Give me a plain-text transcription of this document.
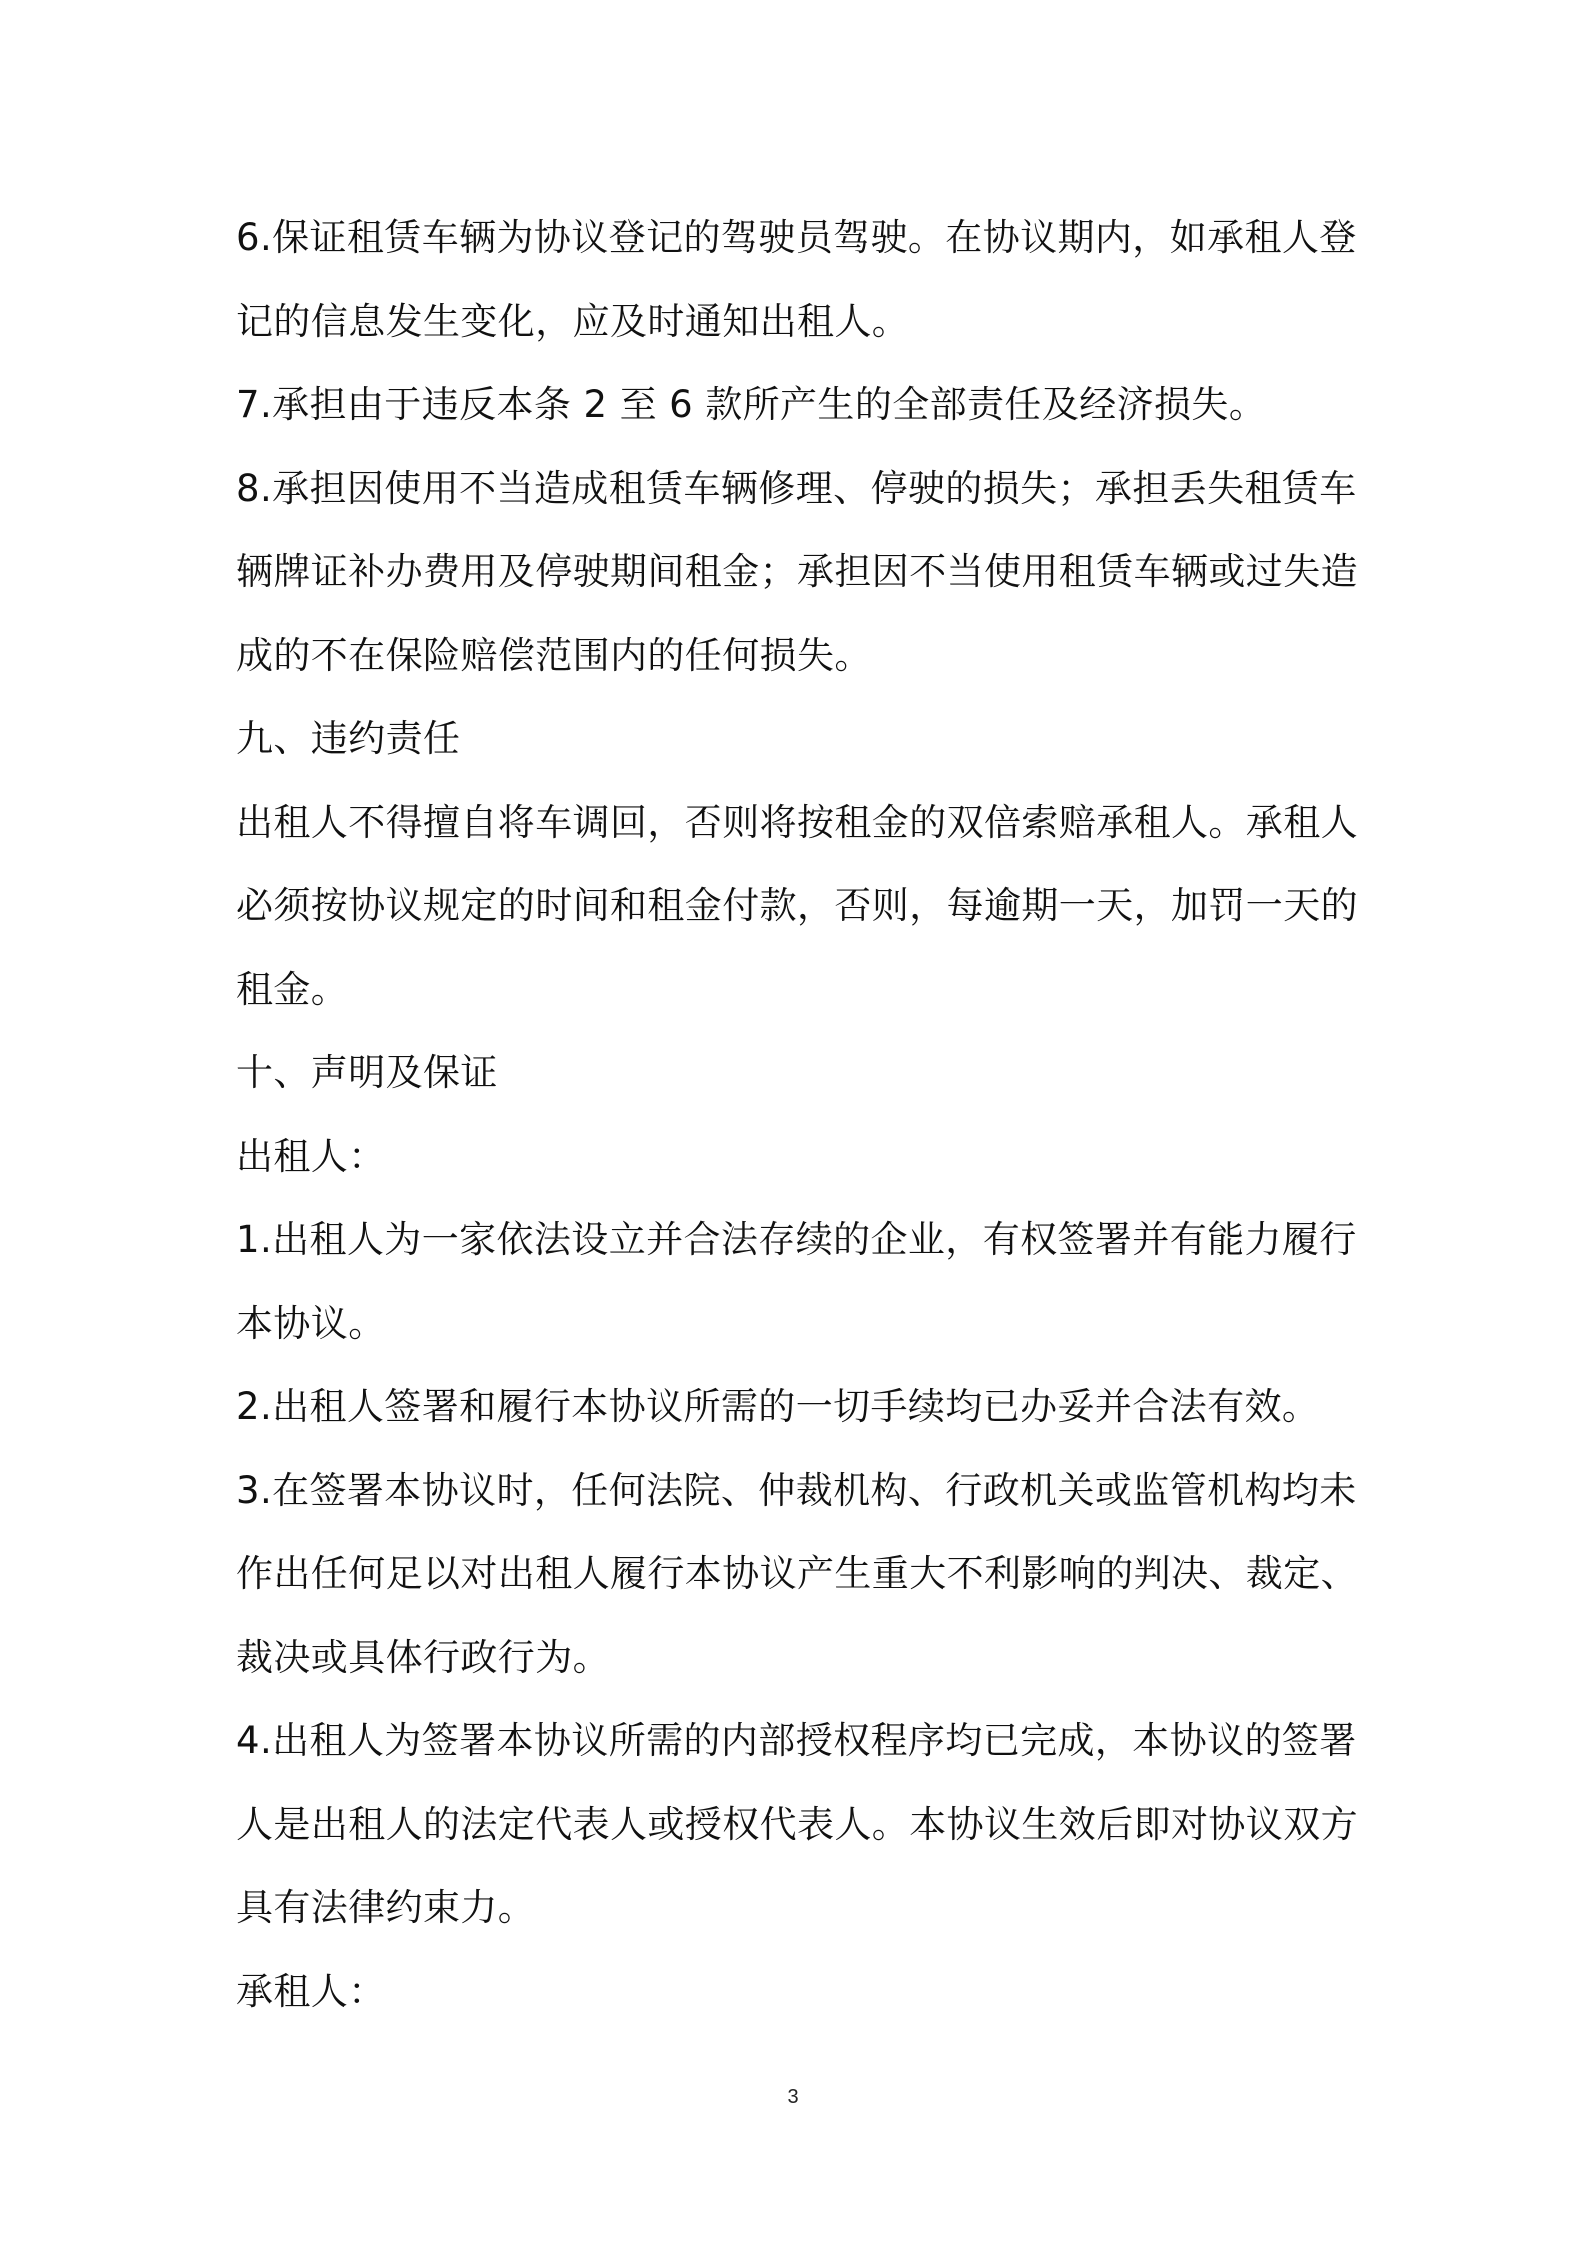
6.保证租赁车辆为协议登记的驾驶员驾驶。在协议期内，如承租人登
记的信息发生变化，应及时通知出租人。
7.承担由于违反本条 2 至 6 款所产生的全部责任及经济损失。
8.承担因使用不当造成租赁车辆修理、停驶的损失；承担丢失租赁车
辆牌证补办费用及停驶期间租金；承担因不当使用租赁车辆或过失造
成的不在保险赔偿范围内的任何损失。
九、违约责任
出租人不得擅自将车调回，否则将按租金的双倍索赔承租人。承租人
必须按协议规定的时间和租金付款，否则，每逾期一天，加罚一天的
租金。
十、声明及保证
出租人：
1.出租人为一家依法设立并合法存续的企业，有权签署并有能力履行
本协议。
2.出租人签署和履行本协议所需的一切手续均已办妥并合法有效。
3.在签署本协议时，任何法院、仲裁机构、行政机关或监管机构均未
作出任何足以对出租人履行本协议产生重大不利影响的判决、裁定、
裁决或具体行政行为。
4.出租人为签署本协议所需的内部授权程序均已完成，本协议的签署
人是出租人的法定代表人或授权代表人。本协议生效后即对协议双方
具有法律约束力。
承租人：
3
